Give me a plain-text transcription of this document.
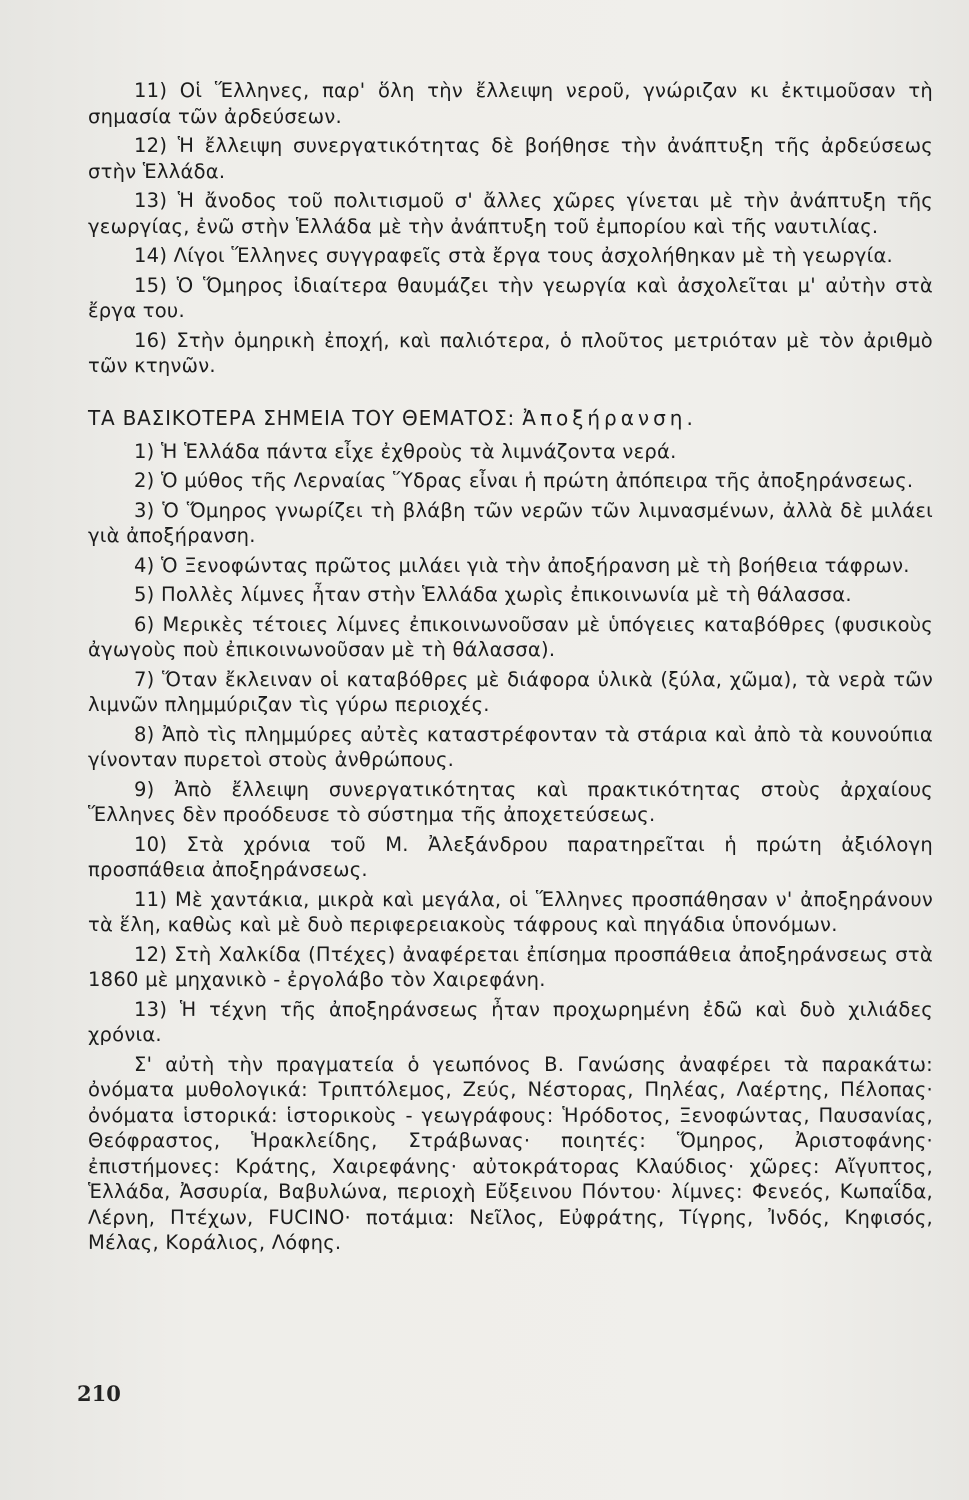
11) Οἱ Ἕλληνες, παρ' ὅλη τὴν ἔλλειψη νεροῦ, γνώριζαν κι ἐκτιμοῦσαν τὴ σημασία τῶν ἀρδεύσεων.

12) Ἡ ἔλλειψη συνεργατικότητας δὲ βοήθησε τὴν ἀνάπτυξη τῆς ἀρδεύσεως στὴν Ἑλλάδα.

13) Ἡ ἄνοδος τοῦ πολιτισμοῦ σ' ἄλλες χῶρες γίνεται μὲ τὴν ἀνάπτυξη τῆς γεωργίας, ἐνῶ στὴν Ἑλλάδα μὲ τὴν ἀνάπτυξη τοῦ ἐμπορίου καὶ τῆς ναυτιλίας.

14) Λίγοι Ἕλληνες συγγραφεῖς στὰ ἔργα τους ἀσχολήθηκαν μὲ τὴ γεωργία.

15) Ὁ Ὅμηρος ἰδιαίτερα θαυμάζει τὴν γεωργία καὶ ἀσχολεῖται μ' αὐτὴν στὰ ἔργα του.

16) Στὴν ὁμηρικὴ ἐποχή, καὶ παλιότερα, ὁ πλοῦτος μετριόταν μὲ τὸν ἀριθμὸ τῶν κτηνῶν.

ΤΑ ΒΑΣΙΚΟΤΕΡΑ ΣΗΜΕΙΑ ΤΟΥ ΘΕΜΑΤΟΣ: Ἀποξήρανση.

1) Ἡ Ἑλλάδα πάντα εἶχε ἐχθροὺς τὰ λιμνάζοντα νερά.

2) Ὁ μύθος τῆς Λερναίας Ὕδρας εἶναι ἡ πρώτη ἀπόπειρα τῆς ἀποξηράνσεως.

3) Ὁ Ὅμηρος γνωρίζει τὴ βλάβη τῶν νερῶν τῶν λιμνασμένων, ἀλλὰ δὲ μιλάει γιὰ ἀποξήρανση.

4) Ὁ Ξενοφώντας πρῶτος μιλάει γιὰ τὴν ἀποξήρανση μὲ τὴ βοήθεια τάφρων.

5) Πολλὲς λίμνες ἦταν στὴν Ἑλλάδα χωρὶς ἐπικοινωνία μὲ τὴ θάλασσα.

6) Μερικὲς τέτοιες λίμνες ἐπικοινωνοῦσαν μὲ ὑπόγειες καταβόθρες (φυσικοὺς ἀγωγοὺς ποὺ ἐπικοινωνοῦσαν μὲ τὴ θάλασσα).

7) Ὅταν ἔκλειναν οἱ καταβόθρες μὲ διάφορα ὑλικὰ (ξύλα, χῶμα), τὰ νερὰ τῶν λιμνῶν πλημμύριζαν τὶς γύρω περιοχές.

8) Ἀπὸ τὶς πλημμύρες αὐτὲς καταστρέφονταν τὰ στάρια καὶ ἀπὸ τὰ κουνούπια γίνονταν πυρετοὶ στοὺς ἀνθρώπους.

9) Ἀπὸ ἔλλειψη συνεργατικότητας καὶ πρακτικότητας στοὺς ἀρχαίους Ἕλληνες δὲν προόδευσε τὸ σύστημα τῆς ἀποχετεύσεως.

10) Στὰ χρόνια τοῦ Μ. Ἀλεξάνδρου παρατηρεῖται ἡ πρώτη ἀξιόλογη προσπάθεια ἀποξηράνσεως.

11) Μὲ χαντάκια, μικρὰ καὶ μεγάλα, οἱ Ἕλληνες προσπάθησαν ν' ἀποξηράνουν τὰ ἕλη, καθὼς καὶ μὲ δυὸ περιφερειακοὺς τάφρους καὶ πηγάδια ὑπονόμων.

12) Στὴ Χαλκίδα (Πτέχες) ἀναφέρεται ἐπίσημα προσπάθεια ἀποξηράνσεως στὰ 1860 μὲ μηχανικὸ - ἐργολάβο τὸν Χαιρεφάνη.

13) Ἡ τέχνη τῆς ἀποξηράνσεως ἦταν προχωρημένη ἐδῶ καὶ δυὸ χιλιάδες χρόνια.

Σ' αὐτὴ τὴν πραγματεία ὁ γεωπόνος Β. Γανώσης ἀναφέρει τὰ παρακάτω: ὀνόματα μυθολογικά: Τριπτόλεμος, Ζεύς, Νέστορας, Πηλέας, Λαέρτης, Πέλοπας· ὀνόματα ἱστορικά: ἱστορικοὺς - γεωγράφους: Ἡρόδοτος, Ξενοφώντας, Παυσανίας, Θεόφραστος, Ἡρακλείδης, Στράβωνας· ποιητές: Ὅμηρος, Ἀριστοφάνης· ἐπιστήμονες: Κράτης, Χαιρεφάνης· αὐτοκράτορας Κλαύδιος· χῶρες: Αἴγυπτος, Ἑλλάδα, Ἀσσυρία, Βαβυλώνα, περιοχὴ Εὔξεινου Πόντου· λίμνες: Φενεός, Κωπαΐδα, Λέρνη, Πτέχων, FUCINO· ποτάμια: Νεῖλος, Εὐφράτης, Τίγρης, Ἰνδός, Κηφισός, Μέλας, Κοράλιος, Λόφης.

210
